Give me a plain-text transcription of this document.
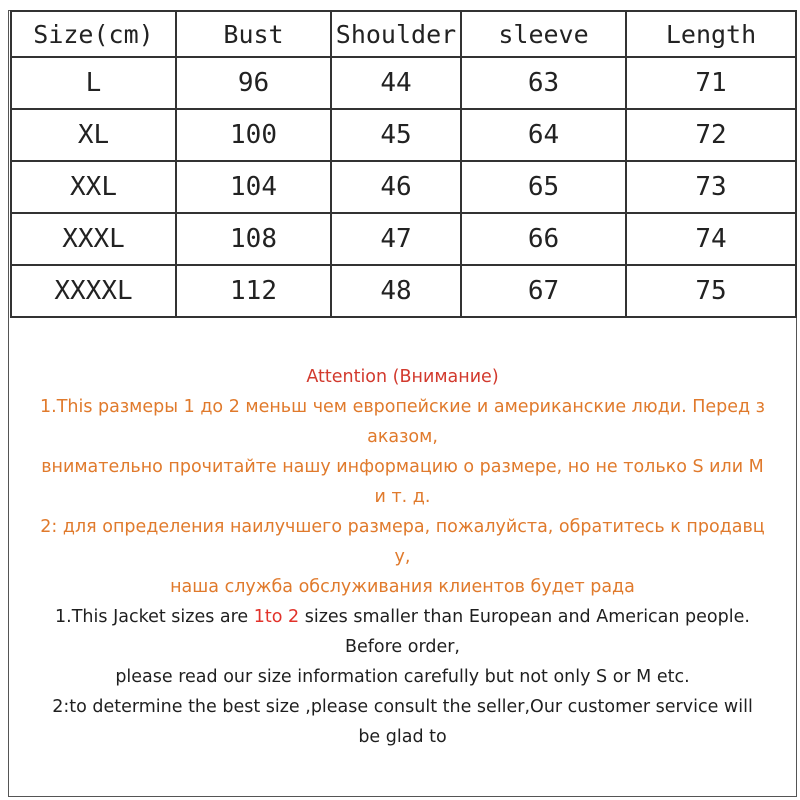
Size(cm)	Bust	Shoulder	sleeve	Length
L	96	44	63	71
XL	100	45	64	72
XXL	104	46	65	73
XXXL	108	47	66	74
XXXXL	112	48	67	75
Attention (Внимание)
1.This размеры 1 до 2 меньш чем европейские и американские люди. Перед з
аказом,
внимательно прочитайте нашу информацию о размере, но не только S или M
и т. д.
2: для определения наилучшего размера, пожалуйста, обратитесь к продавц
у,
наша служба обслуживания клиентов будет рада
1.This Jacket sizes are 1to 2 sizes smaller than European and American people.
Before order,
please read our size information carefully but not only S or M etc.
2:to determine the best size ,please consult the seller,Our customer service will
be glad to
